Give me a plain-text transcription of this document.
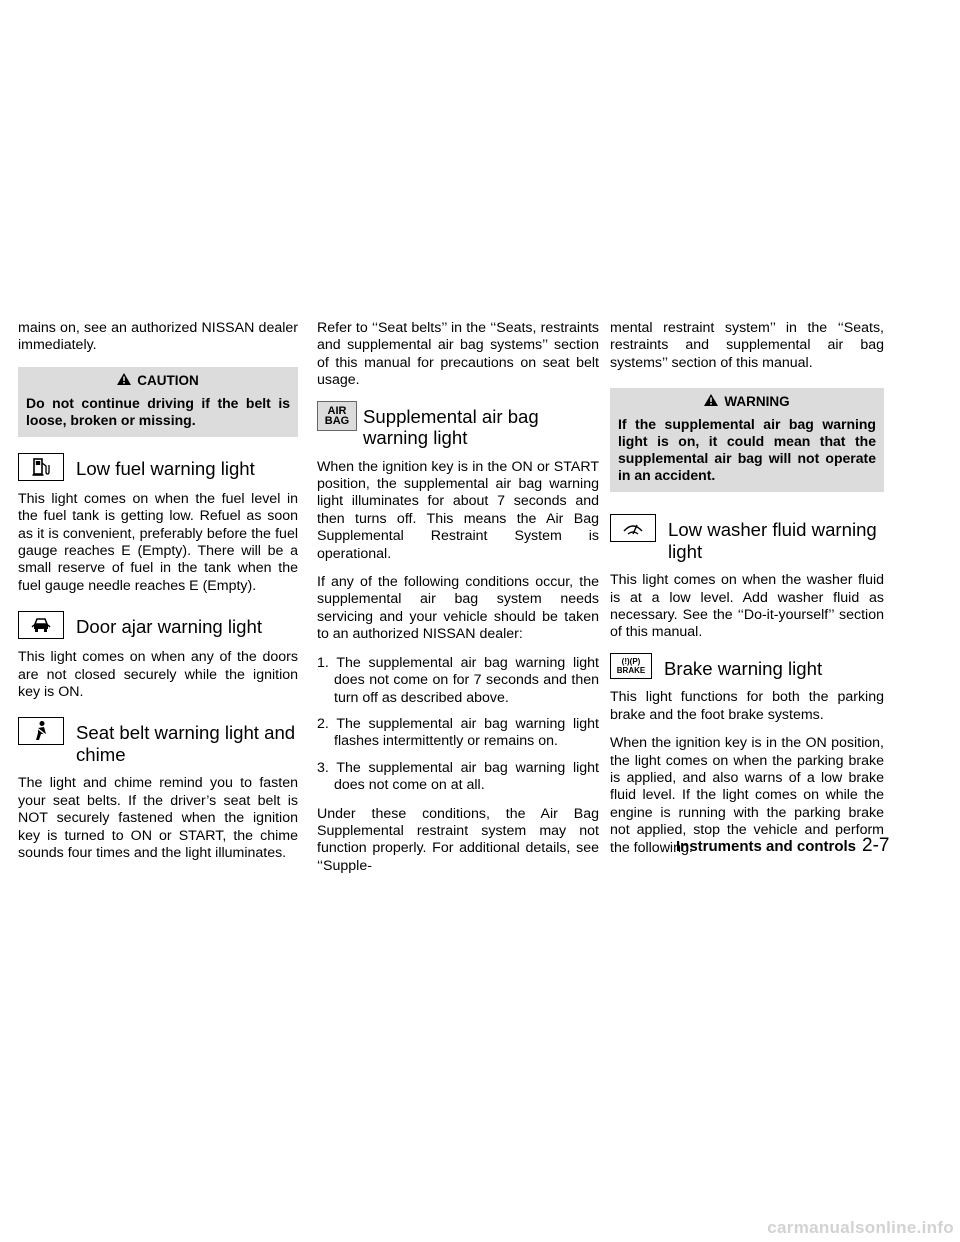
mains on, see an authorized NISSAN dealer immediately.

CAUTION
Do not continue driving if the belt is loose, broken or missing.
Low fuel warning light

This light comes on when the fuel level in the fuel tank is getting low. Refuel as soon as it is convenient, preferably before the fuel gauge reaches E (Empty). There will be a small reserve of fuel in the tank when the fuel gauge needle reaches E (Empty).

Door ajar warning light

This light comes on when any of the doors are not closed securely while the ignition key is ON.

Seat belt warning light and chime

The light and chime remind you to fasten your seat belts. If the driver’s seat belt is NOT securely fastened when the ignition key is turned to ON or START, the chime sounds four times and the light illuminates.

Refer to ‘‘Seat belts’’ in the ‘‘Seats, restraints and supplemental air bag systems’’ section of this manual for precautions on seat belt usage.

AIR
BAG Supplemental air bag warning light

When the ignition key is in the ON or START position, the supplemental air bag warning light illuminates for about 7 seconds and then turns off. This means the Air Bag Supplemental Restraint System is operational.

If any of the following conditions occur, the supplemental air bag system needs servicing and your vehicle should be taken to an authorized NISSAN dealer:

1. The supplemental air bag warning light does not come on for 7 seconds and then turn off as described above.
2. The supplemental air bag warning light flashes intermittently or remains on.
3. The supplemental air bag warning light does not come on at all.

Under these conditions, the Air Bag Supplemental restraint system may not function properly. For additional details, see ‘‘Supple-

mental restraint system’’ in the ‘‘Seats, restraints and supplemental air bag systems’’ section of this manual.

WARNING
If the supplemental air bag warning light is on, it could mean that the supplemental air bag will not operate in an accident.
Low washer fluid warning light

This light comes on when the washer fluid is at a low level. Add washer fluid as necessary. See the ‘‘Do-it-yourself’’ section of this manual.

(!)(P)
BRAKE Brake warning light

This light functions for both the parking brake and the foot brake systems.

When the ignition key is in the ON position, the light comes on when the parking brake is applied, and also warns of a low brake fluid level. If the light comes on while the engine is running with the parking brake not applied, stop the vehicle and perform the following:

Instruments and controls 2-7
carmanualsonline.info
